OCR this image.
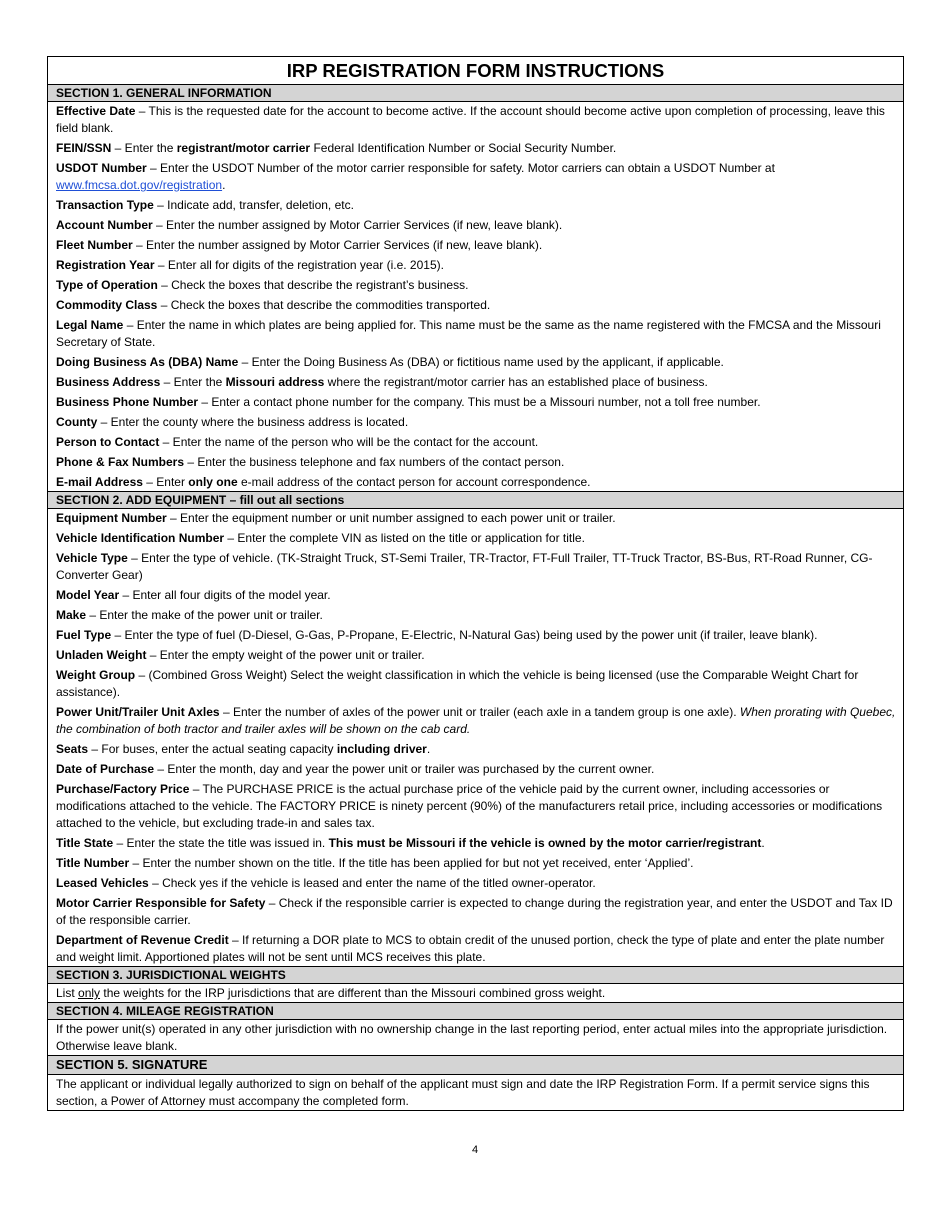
IRP REGISTRATION FORM INSTRUCTIONS
SECTION 1. GENERAL INFORMATION
Effective Date – This is the requested date for the account to become active. If the account should become active upon completion of processing, leave this field blank.
FEIN/SSN – Enter the registrant/motor carrier Federal Identification Number or Social Security Number.
USDOT Number – Enter the USDOT Number of the motor carrier responsible for safety. Motor carriers can obtain a USDOT Number at www.fmcsa.dot.gov/registration.
Transaction Type – Indicate add, transfer, deletion, etc.
Account Number – Enter the number assigned by Motor Carrier Services (if new, leave blank).
Fleet Number – Enter the number assigned by Motor Carrier Services (if new, leave blank).
Registration Year – Enter all for digits of the registration year (i.e. 2015).
Type of Operation – Check the boxes that describe the registrant’s business.
Commodity Class – Check the boxes that describe the commodities transported.
Legal Name – Enter the name in which plates are being applied for. This name must be the same as the name registered with the FMCSA and the Missouri Secretary of State.
Doing Business As (DBA) Name – Enter the Doing Business As (DBA) or fictitious name used by the applicant, if applicable.
Business Address – Enter the Missouri address where the registrant/motor carrier has an established place of business.
Business Phone Number – Enter a contact phone number for the company. This must be a Missouri number, not a toll free number.
County – Enter the county where the business address is located.
Person to Contact – Enter the name of the person who will be the contact for the account.
Phone & Fax Numbers – Enter the business telephone and fax numbers of the contact person.
E-mail Address – Enter only one e-mail address of the contact person for account correspondence.
SECTION 2. ADD EQUIPMENT – fill out all sections
Equipment Number – Enter the equipment number or unit number assigned to each power unit or trailer.
Vehicle Identification Number – Enter the complete VIN as listed on the title or application for title.
Vehicle Type – Enter the type of vehicle. (TK-Straight Truck, ST-Semi Trailer, TR-Tractor, FT-Full Trailer, TT-Truck Tractor, BS-Bus, RT-Road Runner, CG-Converter Gear)
Model Year – Enter all four digits of the model year.
Make – Enter the make of the power unit or trailer.
Fuel Type – Enter the type of fuel (D-Diesel, G-Gas, P-Propane, E-Electric, N-Natural Gas) being used by the power unit (if trailer, leave blank).
Unladen Weight – Enter the empty weight of the power unit or trailer.
Weight Group – (Combined Gross Weight) Select the weight classification in which the vehicle is being licensed (use the Comparable Weight Chart for assistance).
Power Unit/Trailer Unit Axles – Enter the number of axles of the power unit or trailer (each axle in a tandem group is one axle). When prorating with Quebec, the combination of both tractor and trailer axles will be shown on the cab card.
Seats – For buses, enter the actual seating capacity including driver.
Date of Purchase – Enter the month, day and year the power unit or trailer was purchased by the current owner.
Purchase/Factory Price – The PURCHASE PRICE is the actual purchase price of the vehicle paid by the current owner, including accessories or modifications attached to the vehicle. The FACTORY PRICE is ninety percent (90%) of the manufacturers retail price, including accessories or modifications attached to the vehicle, but excluding trade-in and sales tax.
Title State – Enter the state the title was issued in. This must be Missouri if the vehicle is owned by the motor carrier/registrant.
Title Number – Enter the number shown on the title. If the title has been applied for but not yet received, enter ‘Applied’.
Leased Vehicles – Check yes if the vehicle is leased and enter the name of the titled owner-operator.
Motor Carrier Responsible for Safety – Check if the responsible carrier is expected to change during the registration year, and enter the USDOT and Tax ID of the responsible carrier.
Department of Revenue Credit – If returning a DOR plate to MCS to obtain credit of the unused portion, check the type of plate and enter the plate number and weight limit. Apportioned plates will not be sent until MCS receives this plate.
SECTION 3. JURISDICTIONAL WEIGHTS
List only the weights for the IRP jurisdictions that are different than the Missouri combined gross weight.
SECTION 4. MILEAGE REGISTRATION
If the power unit(s) operated in any other jurisdiction with no ownership change in the last reporting period, enter actual miles into the appropriate jurisdiction. Otherwise leave blank.
SECTION 5. SIGNATURE
The applicant or individual legally authorized to sign on behalf of the applicant must sign and date the IRP Registration Form. If a permit service signs this section, a Power of Attorney must accompany the completed form.
4
